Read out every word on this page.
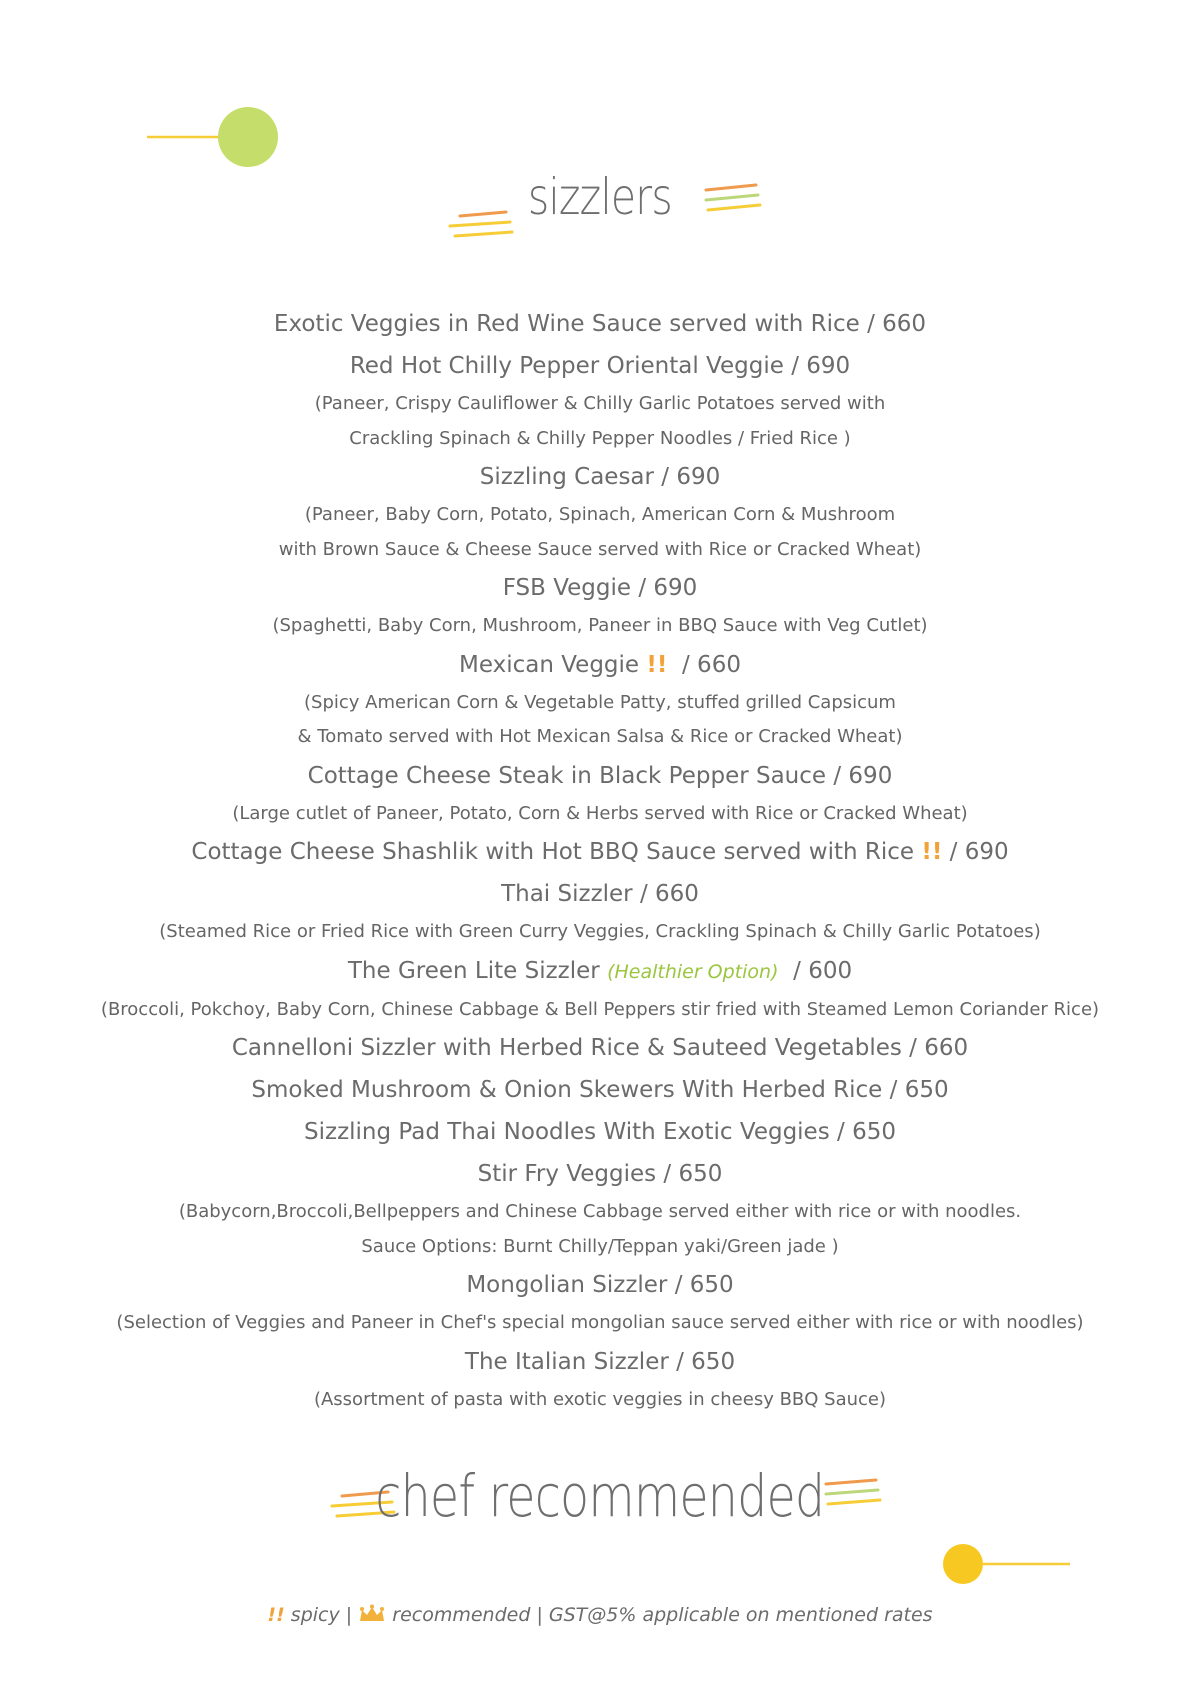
sizzlers
Exotic Veggies in Red Wine Sauce served with Rice / 660
Red Hot Chilly Pepper Oriental Veggie / 690
(Paneer, Crispy Cauliflower & Chilly Garlic Potatoes served with
Crackling Spinach & Chilly Pepper Noodles / Fried Rice )
Sizzling Caesar / 690
(Paneer, Baby Corn, Potato, Spinach, American Corn & Mushroom
with Brown Sauce & Cheese Sauce served with Rice or Cracked Wheat)
FSB Veggie / 690
(Spaghetti, Baby Corn, Mushroom, Paneer in BBQ Sauce with Veg Cutlet)
Mexican Veggie !!  / 660
(Spicy American Corn & Vegetable Patty, stuffed grilled Capsicum
& Tomato served with Hot Mexican Salsa & Rice or Cracked Wheat)
Cottage Cheese Steak in Black Pepper Sauce / 690
(Large cutlet of Paneer, Potato, Corn & Herbs served with Rice or Cracked Wheat)
Cottage Cheese Shashlik with Hot BBQ Sauce served with Rice !! / 690
Thai Sizzler / 660
(Steamed Rice or Fried Rice with Green Curry Veggies, Crackling Spinach & Chilly Garlic Potatoes)
The Green Lite Sizzler (Healthier Option)  / 600
(Broccoli, Pokchoy, Baby Corn, Chinese Cabbage & Bell Peppers stir fried with Steamed Lemon Coriander Rice)
Cannelloni Sizzler with Herbed Rice & Sauteed Vegetables / 660
Smoked Mushroom & Onion Skewers With Herbed Rice / 650
Sizzling Pad Thai Noodles With Exotic Veggies / 650
Stir Fry Veggies / 650
(Babycorn,Broccoli,Bellpeppers and Chinese Cabbage served either with rice or with noodles.
Sauce Options: Burnt Chilly/Teppan yaki/Green jade )
Mongolian Sizzler / 650
(Selection of Veggies and Paneer in Chef's special mongolian sauce served either with rice or with noodles)
The Italian Sizzler / 650
(Assortment of pasta with exotic veggies in cheesy BBQ Sauce)
chef recommended
!! spicy |  recommended | GST@5% applicable on mentioned rates
